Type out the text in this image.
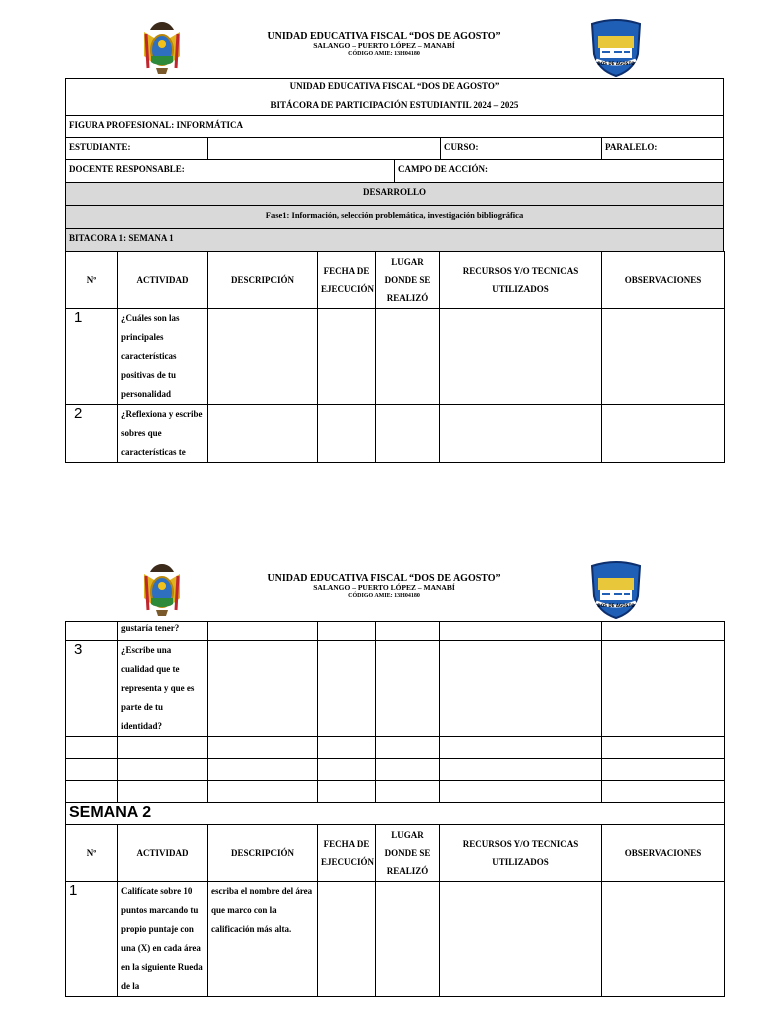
UNIDAD EDUCATIVA FISCAL “DOS DE AGOSTO”
SALANGO – PUERTO LÓPEZ – MANABÍ
CÓDIGO AMIE: 13H04180
DOS DE AGOSTO
UNIDAD EDUCATIVA FISCAL “DOS DE AGOSTO”
BITÁCORA DE PARTICIPACIÓN ESTUDIANTIL 2024 – 2025
FIGURA PROFESIONAL: INFORMÁTICA
ESTUDIANTE:	CURSO:	PARALELO:
DOCENTE RESPONSABLE:	CAMPO DE ACCIÓN:
DESARROLLO
Fase1: Información, selección problemática, investigación bibliográfica
BITACORA 1: SEMANA 1
Nº	ACTIVIDAD	DESCRIPCIÓN	FECHA DE EJECUCIÓN	LUGAR DONDE SE REALIZÓ	RECURSOS Y/O TECNICAS UTILIZADOS	OBSERVACIONES
1	¿Cuáles son las principales características positivas de tu personalidad					
2	¿Reflexiona y escribe sobres que características te					
UNIDAD EDUCATIVA FISCAL “DOS DE AGOSTO”
SALANGO – PUERTO LÓPEZ – MANABÍ
CÓDIGO AMIE: 13H04180
DOS DE AGOSTO
	gustaría tener?					
3	¿Escribe una cualidad que te representa y que es parte de tu identidad?					

SEMANA 2						
Nº	ACTIVIDAD	DESCRIPCIÓN	FECHA DE EJECUCIÓN	LUGAR DONDE SE REALIZÓ	RECURSOS Y/O TECNICAS UTILIZADOS	OBSERVACIONES
1	Califícate sobre 10 puntos marcando tu propio puntaje con una (X) en cada área en la siguiente Rueda de la	escriba el nombre del área que marco con la calificación más alta.				
